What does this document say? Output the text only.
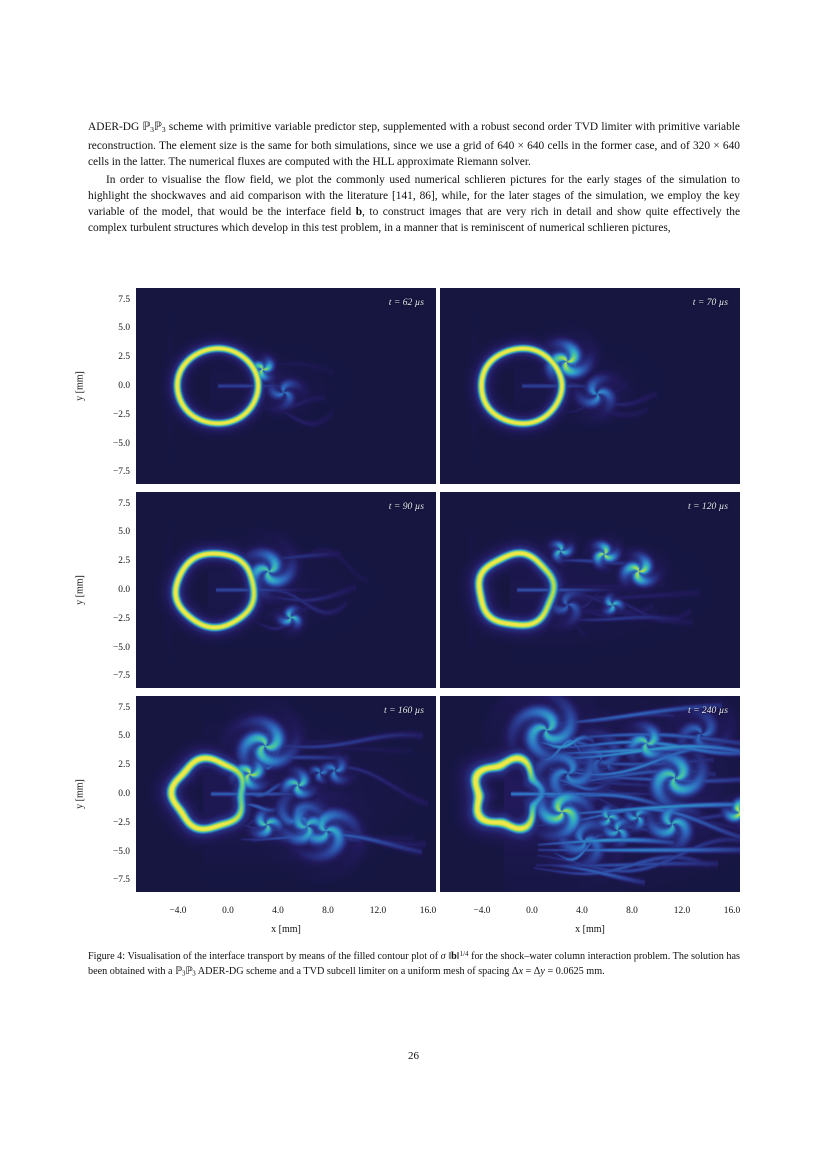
ADER-DG ℙ$_3$ℙ$_3$ scheme with primitive variable predictor step, supplemented with a robust second order TVD limiter with primitive variable reconstruction. The element size is the same for both simulations, since we use a grid of 640 × 640 cells in the former case, and of 320 × 640 cells in the latter. The numerical fluxes are computed with the HLL approximate Riemann solver.

In order to visualise the flow field, we plot the commonly used numerical schlieren pictures for the early stages of the simulation to highlight the shockwaves and aid comparison with the literature [141, 86], while, for the later stages of the simulation, we employ the key variable of the model, that would be the interface field b, to construct images that are very rich in detail and show quite effectively the complex turbulent structures which develop in this test problem, in a manner that is reminiscent of numerical schlieren pictures,

y [mm]
7.5
5.0
2.5
0.0
−2.5
−5.0
−7.5
t = 62 µs	t = 70 µs
y [mm]
7.5
5.0
2.5
0.0
−2.5
−5.0
−7.5
t = 90 µs	t = 120 µs
y [mm]
7.5
5.0
2.5
0.0
−2.5
−5.0
−7.5
t = 160 µs	t = 240 µs
−4.0	0.0	4.0	8.0	12.0	16.0
x [mm]
−4.0	0.0	4.0	8.0	12.0	16.0
x [mm]
Figure 4: Visualisation of the interface transport by means of the filled contour plot of σ ‖b‖$^{1/4}$ for the shock–water column interaction problem. The solution has been obtained with a ℙ$_3$ℙ$_3$ ADER-DG scheme and a TVD subcell limiter on a uniform mesh of spacing Δx = Δy = 0.0625 mm.
26
